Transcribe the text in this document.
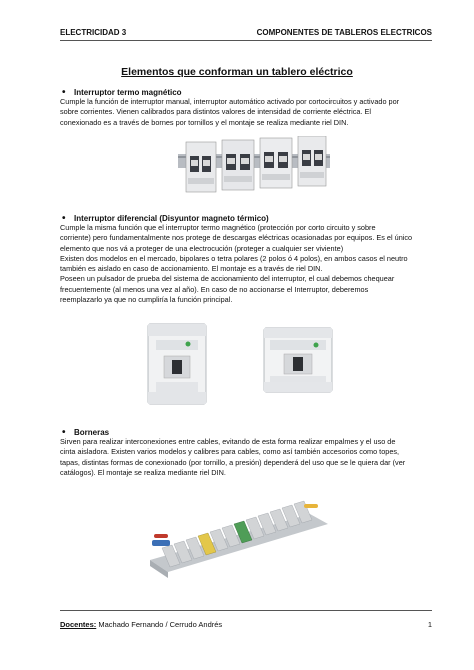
ELECTRICIDAD 3	COMPONENTES DE TABLEROS ELECTRICOS
Elementos que conforman un tablero eléctrico
• Interruptor termo magnético

Cumple la función de interruptor manual, interruptor automático activado por cortocircuitos y activado por

sobre corrientes. Vienen calibrados para distintos valores de intensidad de corriente eléctrica. El

conexionado es a través de bornes por tornillos y el montaje se realiza mediante riel DIN.

• Interruptor diferencial (Disyuntor magneto térmico)

Cumple la misma función que el interruptor termo magnético (protección por corto circuito y sobre

corriente) pero fundamentalmente nos protege de descargas eléctricas ocasionadas por equipos. Es el único

elemento que nos vá a proteger de una electrocución (proteger a cualquier ser viviente)

Existen dos modelos en el mercado, bipolares o tetra polares (2 polos ó 4 polos), en ambos casos el neutro

también es aislado en caso de accionamiento. El montaje es a través de riel DIN.

Poseen un pulsador de prueba del sistema de accionamiento del interruptor, el cual debemos chequear

frecuentemente (al menos una vez al año). En caso de no accionarse el Interruptor, deberemos

reemplazarlo ya que no cumpliría la función principal.

• Borneras

Sirven para realizar interconexiones entre cables, evitando de esta forma realizar empalmes y el uso de

cinta aisladora. Existen varios modelos y calibres para cables, como así también accesorios como topes,

tapas, distintas formas de conexionado (por tornillo, a presión) dependerá del uso que se le quiera dar (ver

catálogos). El montaje se realiza mediante riel DIN.

Docentes: Machado Fernando / Cerrudo Andrés	1
